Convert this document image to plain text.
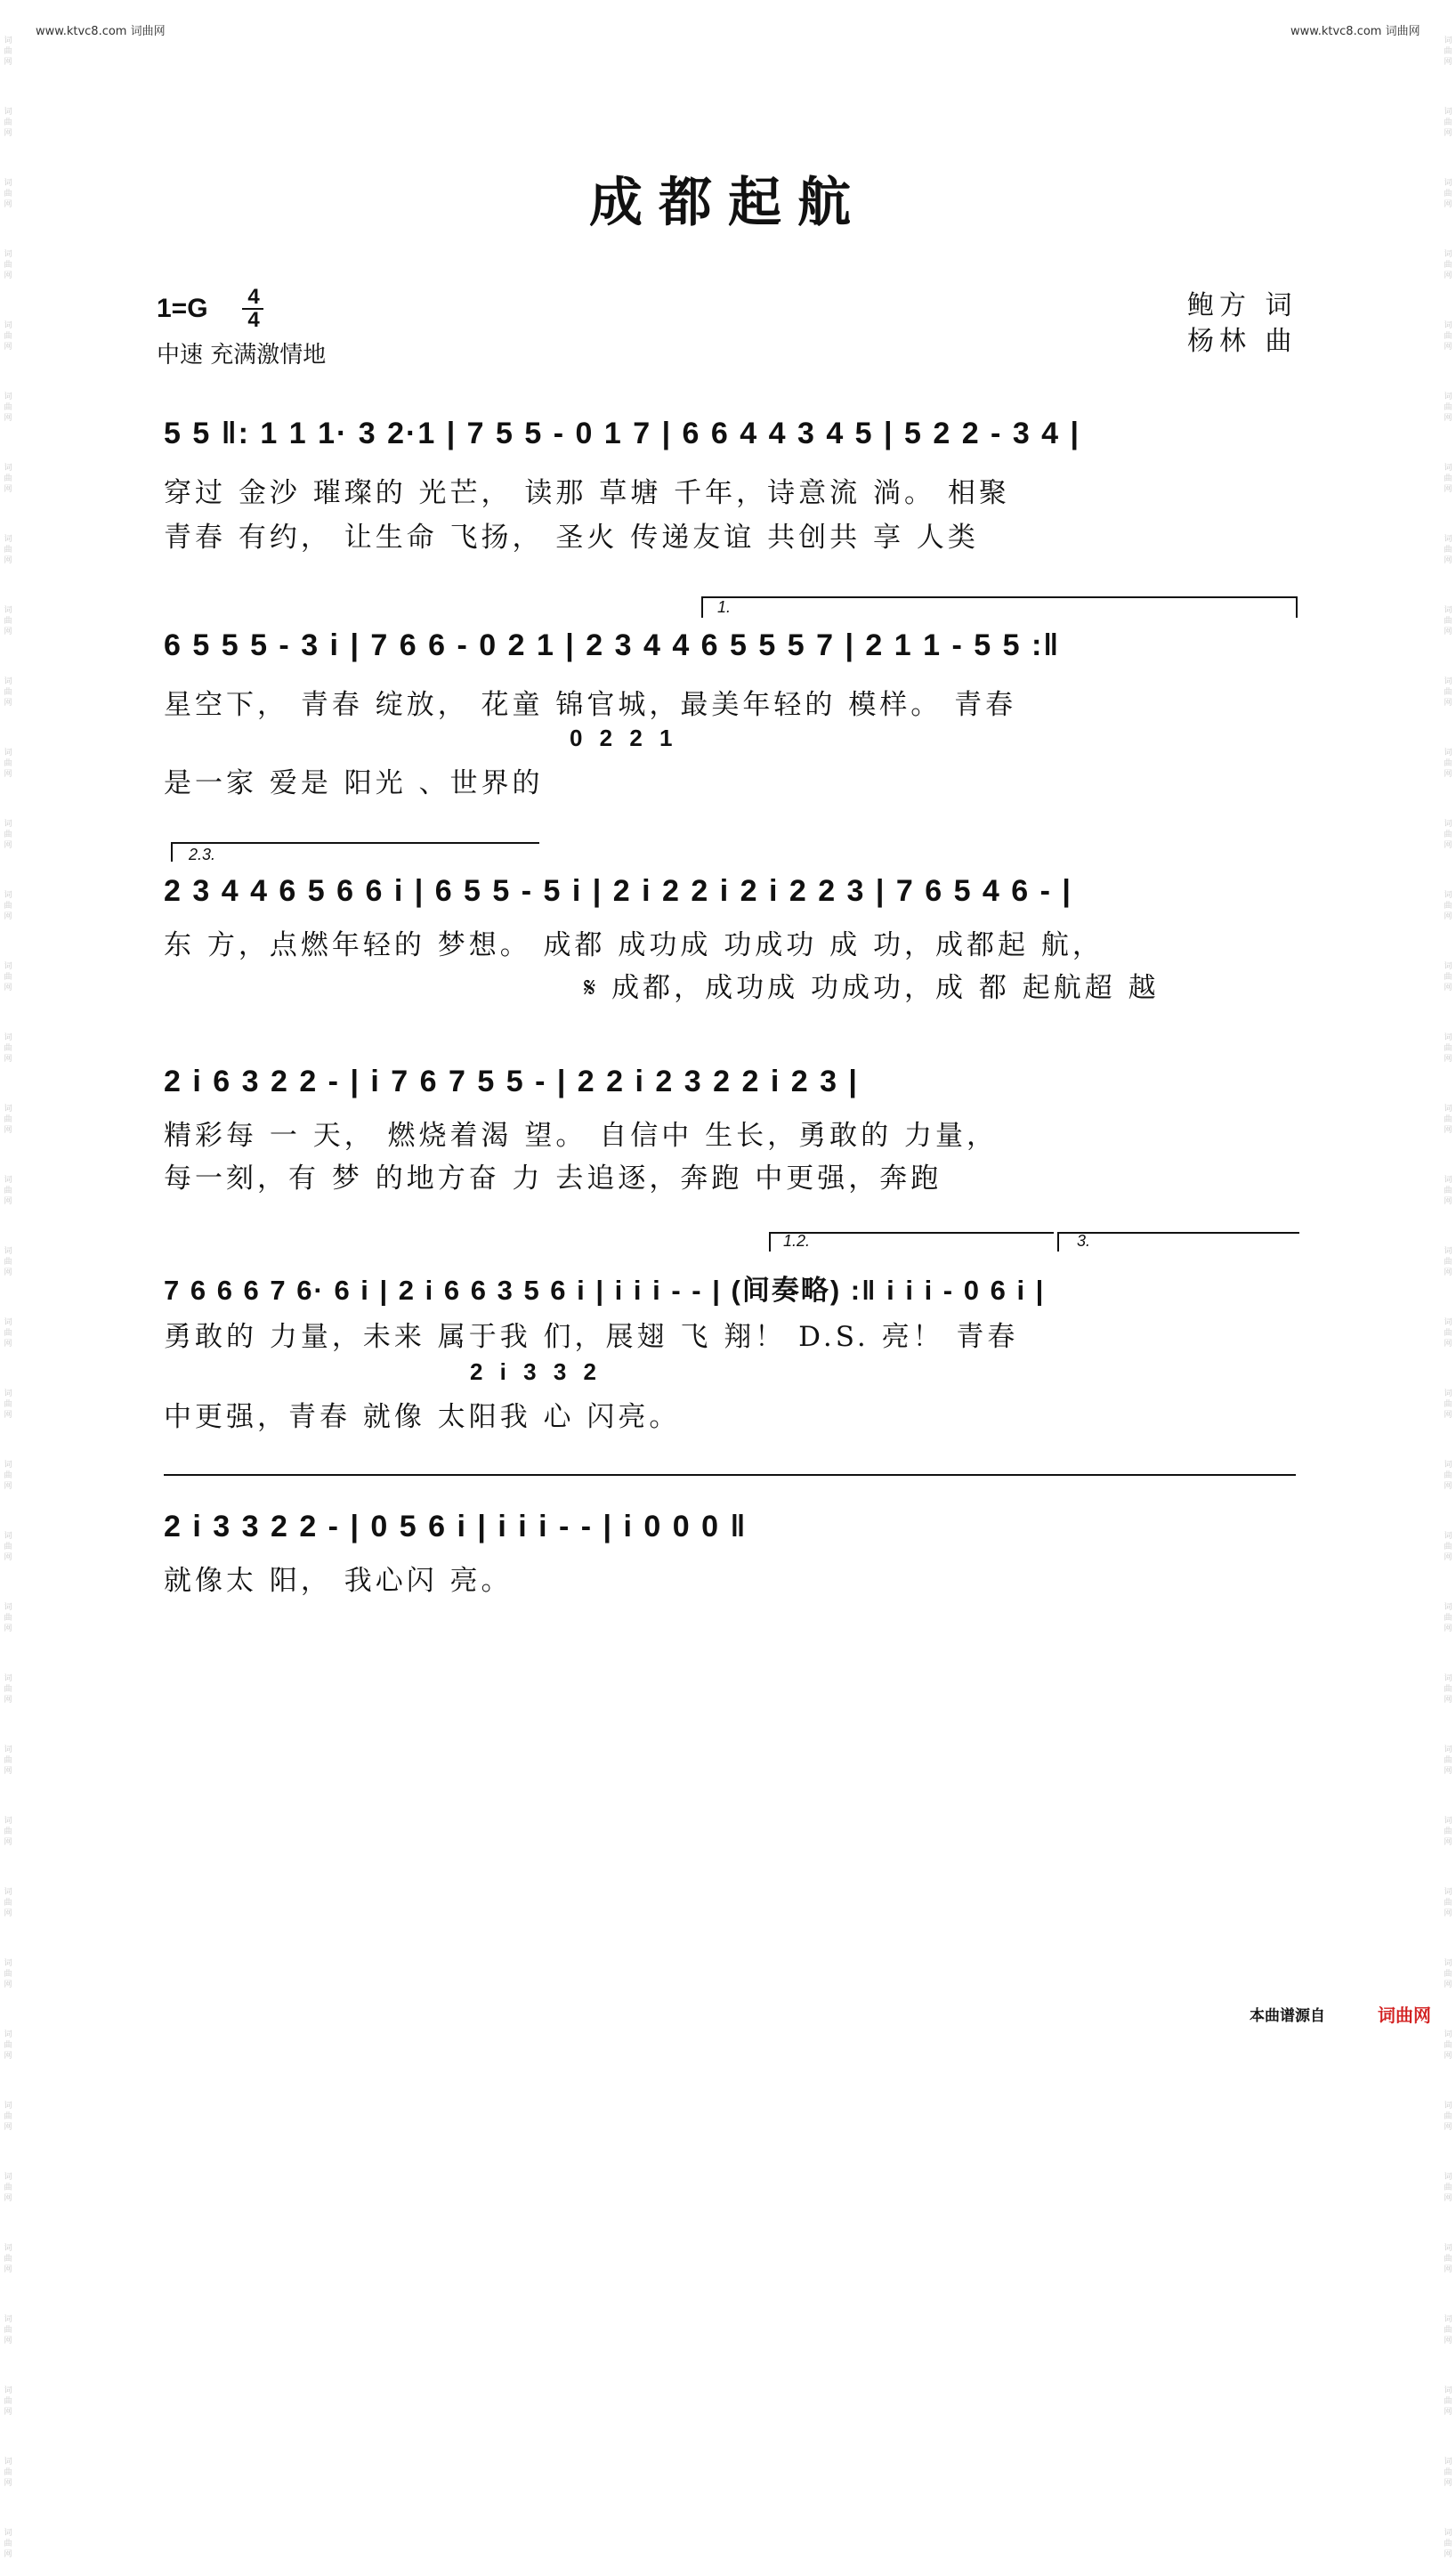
www.ktvc8.com 词曲网	www.ktvc8.com 词曲网
词曲网
词曲网
词曲网
词曲网
词曲网
词曲网
词曲网
词曲网
词曲网
词曲网
词曲网
词曲网
词曲网
词曲网
词曲网
词曲网
词曲网
词曲网
词曲网
词曲网
词曲网
词曲网
词曲网
词曲网
词曲网
词曲网
词曲网
词曲网
词曲网
词曲网
词曲网
词曲网
词曲网
词曲网
词曲网
词曲网
词曲网
词曲网
词曲网
词曲网
词曲网
词曲网
词曲网
词曲网
词曲网
词曲网
词曲网
词曲网
词曲网
词曲网
词曲网
词曲网
词曲网
词曲网
词曲网
词曲网
词曲网
词曲网
词曲网
词曲网
词曲网
词曲网
词曲网
词曲网
词曲网
词曲网
词曲网
词曲网
词曲网
词曲网
词曲网
词曲网
成都起航
1=G 4
4
中速 充满激情地
鲍方 词
杨林 曲
5 5 ‖: 1 1 1· 3 2·1 | 7 5 5 - 0 1 7 | 6 6 4 4 3 4 5 | 5 2 2 - 3 4 |
穿过 金沙 璀璨的 光芒， 读那 草塘 千年，诗意流 淌。 相聚
青春 有约， 让生命 飞扬， 圣火 传递友谊 共创共 享 人类
1.
6 5 5 5 - 3 i | 7 6 6 - 0 2 1 | 2 3 4 4 6 5 5 5 7 | 2 1 1 - 5 5 :‖
星空下， 青春 绽放， 花童 锦官城，最美年轻的 模样。 青春
0 2 2 1
是一家 爱是 阳光 、世界的
2.3.
2 3 4 4 6 5 6 6 i | 6 5 5 - 5 i | 2 i 2 2 i 2 i 2 2 3 | 7 6 5 4 6 - |
东 方，点燃年轻的 梦想。 成都 成功成 功成功 成 功，成都起 航，
𝄋 成都，成功成 功成功，成 都 起航超 越
2 i 6 3 2 2 - | i 7 6 7 5 5 - | 2 2 i 2 3 2 2 i 2 3 |
精彩每 一 天， 燃烧着渴 望。 自信中 生长，勇敢的 力量，
每一刻，有 梦 的地方奋 力 去追逐，奔跑 中更强，奔跑
1.2.	3.
7 6 6 6 7 6· 6 i | 2 i 6 6 3 5 6 i | i i i - - | (间奏略) :‖ i i i - 0 6 i |
勇敢的 力量，未来 属于我 们，展翅 飞 翔！ D.S. 亮！ 青春
2 i 3 3 2
中更强，青春 就像 太阳我 心 闪亮。
2 i 3 3 2 2 - | 0 5 6 i | i i i - - | i 0 0 0 ‖
就像太 阳， 我心闪 亮。
本曲谱源自	词曲网
